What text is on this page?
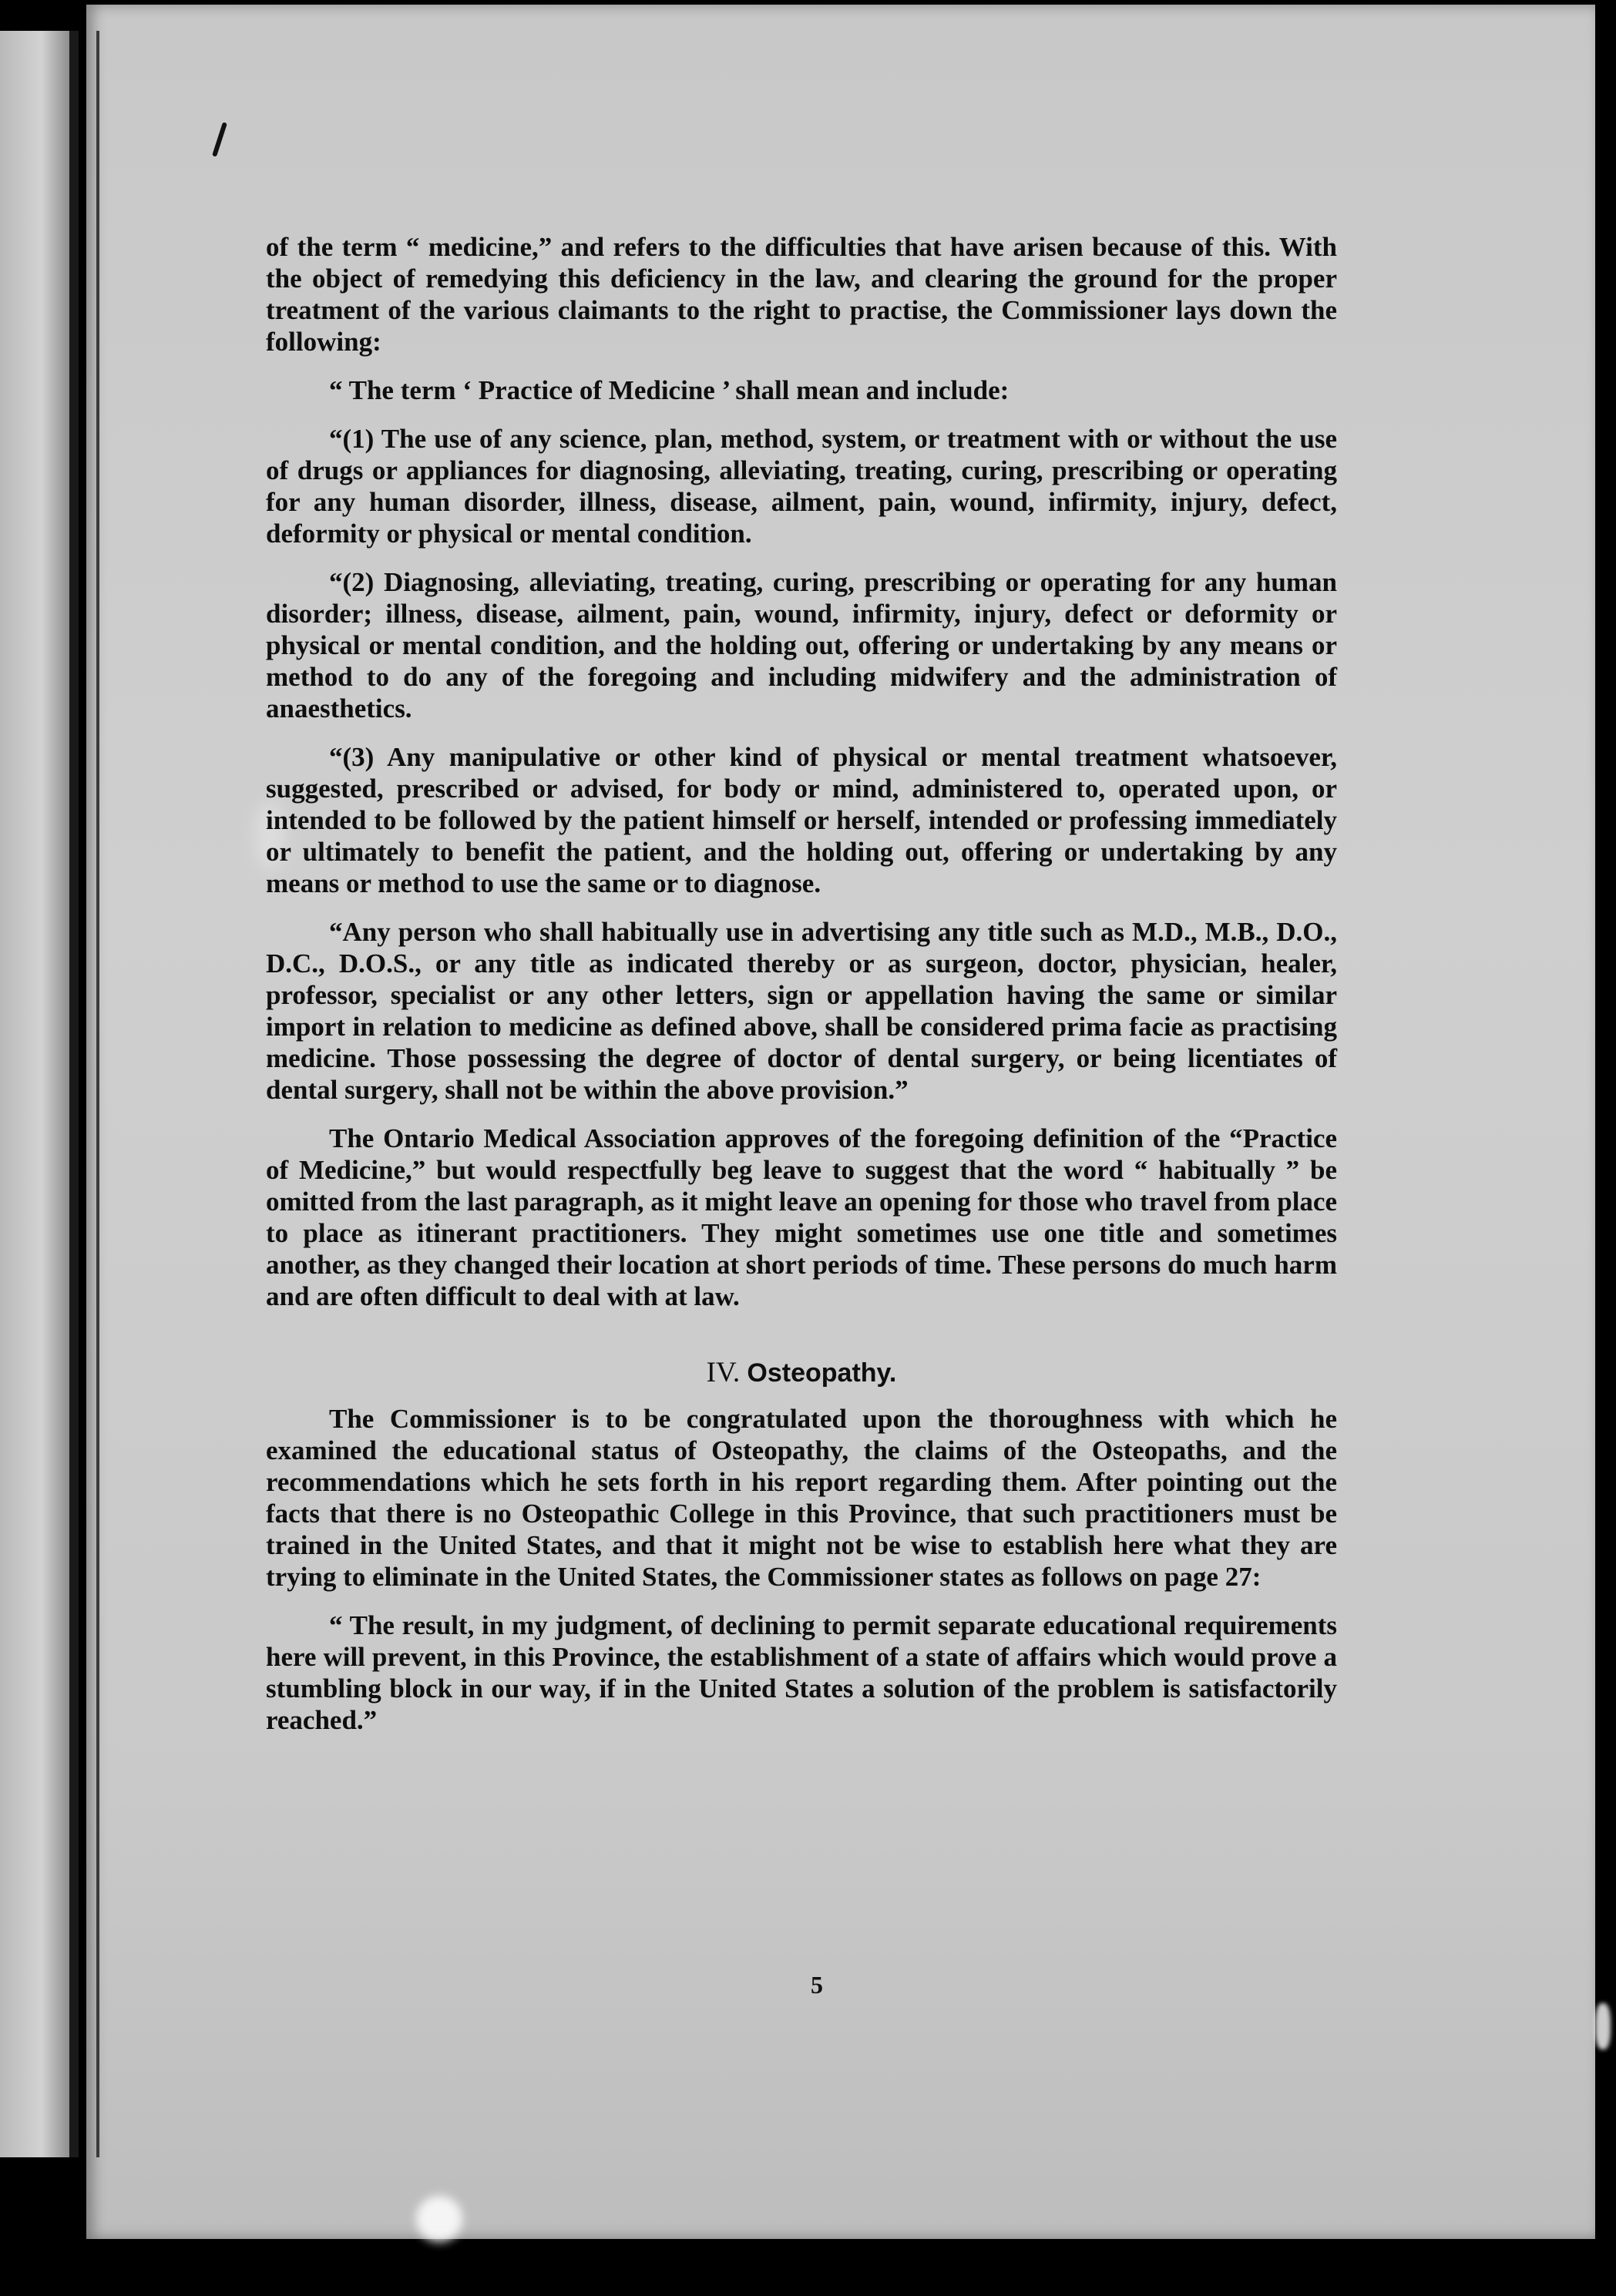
of the term “ medicine,” and refers to the difficulties that have arisen because of this. With the object of remedying this deficiency in the law, and clearing the ground for the proper treatment of the various claimants to the right to practise, the Commissioner lays down the following:

“ The term ‘ Practice of Medicine ’ shall mean and include:

“(1) The use of any science, plan, method, system, or treatment with or without the use of drugs or appliances for diagnosing, alleviating, treating, curing, prescribing or operating for any human disorder, illness, disease, ailment, pain, wound, infirmity, injury, defect, deformity or physical or mental condition.

“(2) Diagnosing, alleviating, treating, curing, prescribing or operating for any human disorder; illness, disease, ailment, pain, wound, infirmity, injury, defect or deformity or physical or mental condition, and the holding out, offering or undertaking by any means or method to do any of the foregoing and including midwifery and the administration of anaesthetics.

“(3) Any manipulative or other kind of physical or mental treatment whatsoever, suggested, prescribed or advised, for body or mind, administered to, operated upon, or intended to be followed by the patient himself or herself, intended or professing immediately or ultimately to benefit the patient, and the holding out, offering or undertaking by any means or method to use the same or to diagnose.

“Any person who shall habitually use in advertising any title such as M.D., M.B., D.O., D.C., D.O.S., or any title as indicated thereby or as surgeon, doctor, physician, healer, professor, specialist or any other letters, sign or appellation having the same or similar import in relation to medicine as defined above, shall be considered prima facie as practising medicine. Those possessing the degree of doctor of dental surgery, or being licentiates of dental surgery, shall not be within the above provision.”

The Ontario Medical Association approves of the foregoing definition of the “Practice of Medicine,” but would respectfully beg leave to suggest that the word “ habitually ” be omitted from the last paragraph, as it might leave an opening for those who travel from place to place as itinerant practitioners. They might sometimes use one title and sometimes another, as they changed their location at short periods of time. These persons do much harm and are often difficult to deal with at law.

IV. Osteopathy.

The Commissioner is to be congratulated upon the thoroughness with which he examined the educational status of Osteopathy, the claims of the Osteopaths, and the recommendations which he sets forth in his report regarding them. After pointing out the facts that there is no Osteopathic College in this Province, that such practitioners must be trained in the United States, and that it might not be wise to establish here what they are trying to eliminate in the United States, the Commissioner states as follows on page 27:

“ The result, in my judgment, of declining to permit separate educational requirements here will prevent, in this Province, the establishment of a state of affairs which would prove a stumbling block in our way, if in the United States a solution of the problem is satisfactorily reached.”

5
